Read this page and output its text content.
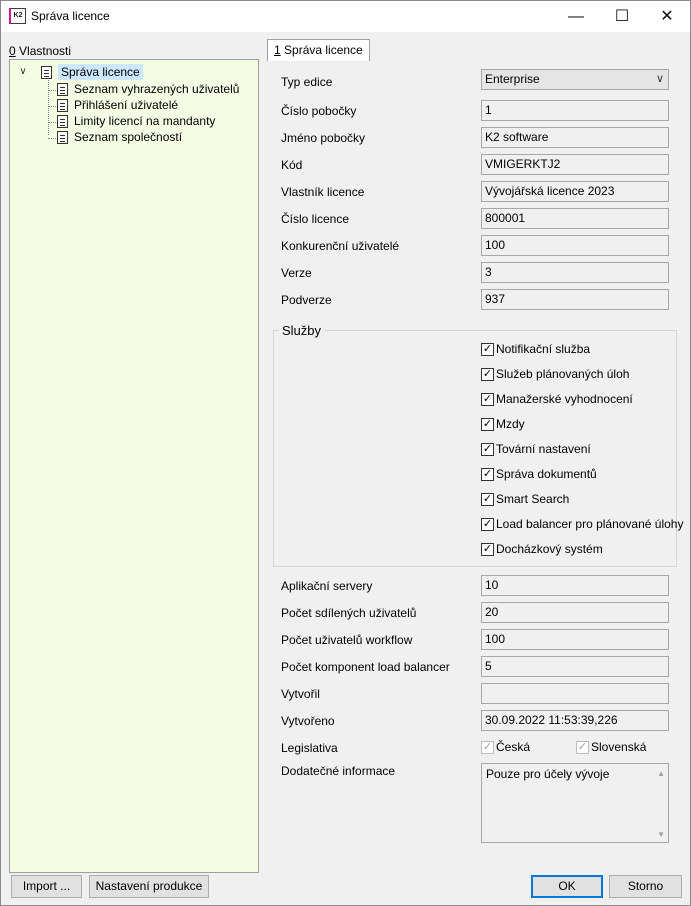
K2 Správa licence	—	☐	✕
0 Vlastnosti
∨	Správa licence
Seznam vyhrazených uživatelů
Přihlášení uživatelé
Limity licencí na mandanty
Seznam společností
Import ...	Nastavení produkce	OK	Storno
1 Správa licence
Typ edice	Enterprise	∨
Číslo pobočky	1
Jméno pobočky	K2 software
Kód	VMIGERKTJ2
Vlastník licence	Vývojářská licence 2023
Číslo licence	800001
Konkurenční uživatelé	100
Verze	3
Podverze	937
Služby
✓ Notifikační služba
✓ Služeb plánovaných úloh
✓ Manažerské vyhodnocení
✓ Mzdy
✓ Tovární nastavení
✓ Správa dokumentů
✓ Smart Search
✓ Load balancer pro plánované úlohy
✓ Docházkový systém
Aplikační servery	10
Počet sdílených uživatelů	20
Počet uživatelů workflow	100
Počet komponent load balancer	5
Vytvořil
Vytvořeno	30.09.2022 11:53:39,226
Legislativa	✓ Česká	✓ Slovenská
Dodatečné informace	Pouze pro účely vývoje	▲
▼
